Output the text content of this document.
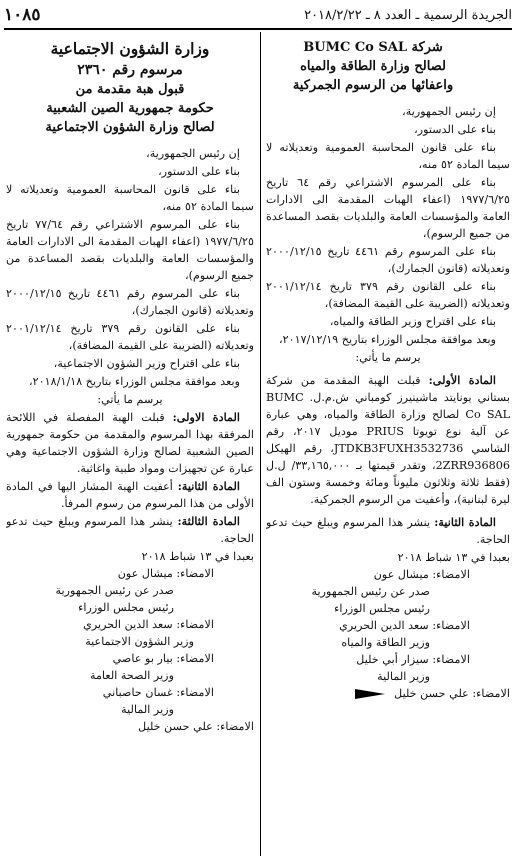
الجريدة الرسمية ـ العدد ٨ ـ ٢٠١٨/٢/٢٢
١٠٨٥

شركة BUMC Co SAL

لصالح وزارة الطاقة والمياه

واعفائها من الرسوم الجمركية

إن رئيس الجمهورية،

بناء على الدستور،

بناء على قانون المحاسبة العمومية وتعديلاته لا سيما المادة ٥٢ منه،

بناء على المرسوم الاشتراعي رقم ٦٤ تاريخ ١٩٧٧/٦/٢٥ (اعفاء الهبات المقدمة الى الادارات العامة والمؤسسات العامة والبلديات بقصد المساعدة من جميع الرسوم)،

بناء على المرسوم رقم ٤٤٦١ تاريخ ٢٠٠٠/١٢/١٥ وتعديلاته (قانون الجمارك)،

بناء على القانون رقم ٣٧٩ تاريخ ٢٠٠١/١٢/١٤ وتعديلاته (الضريبة على القيمة المضافة)،

بناء على اقتراح وزير الطاقة والمياه،

وبعد موافقة مجلس الوزراء بتاريخ ٢٠١٧/١٢/١٩،

يرسم ما يأتي:

المادة الأولى: قبلت الهبة المقدمة من شركة بستاني يونايتد ماشينيرز كومباني ش.م.ل. BUMC Co SAL لصالح وزارة الطاقة والمياه، وهي عبارة عن آلية نوع تويوتا PRIUS موديل ٢٠١٧، رقم الشاسي JTDKB3FUXH3532736، رقم الهيكل 2ZRR936806، وتقدر قيمتها بـ ٣٣,١٦٥,٠٠٠/ ل.ل (فقط ثلاثة وثلاثون مليوناً ومائة وخمسة وستون الف ليرة لبنانية)، وأعفيت من الرسوم الجمركية.

المادة الثانية: ينشر هذا المرسوم ويبلغ حيث تدعو الحاجة.

بعبدا في ١٣ شباط ٢٠١٨

الامضاء: ميشال عون

صدر عن رئيس الجمهورية

رئيس مجلس الوزراء

الامضاء: سعد الدين الحريري

وزير الطاقة والمياه

الامضاء: سيزار أبي خليل

وزير المالية

الامضاء: علي حسن خليل

وزارة الشؤون الاجتماعية

مرسوم رقم ٢٣٦٠

قبول هبة مقدمة من

حكومة جمهورية الصين الشعبية

لصالح وزارة الشؤون الاجتماعية

إن رئيس الجمهورية،

بناء على الدستور،

بناء على قانون المحاسبة العمومية وتعديلاته لا سيما المادة ٥٢ منه،

بناء على المرسوم الاشتراعي رقم ٧٧/٦٤ تاريخ ١٩٧٧/٦/٢٥ (اعفاء الهبات المقدمة الى الادارات العامة والمؤسسات العامة والبلديات بقصد المساعدة من جميع الرسوم)،

بناء على المرسوم رقم ٤٤٦١ تاريخ ٢٠٠٠/١٢/١٥ وتعديلاته (قانون الجمارك)،

بناء على القانون رقم ٣٧٩ تاريخ ٢٠٠١/١٢/١٤ وتعديلاته (الضريبة على القيمة المضافة)،

بناء على اقتراح وزير الشؤون الاجتماعية،

وبعد موافقة مجلس الوزراء بتاريخ ٢٠١٨/١/١٨،

يرسم ما يأتي:

المادة الاولى: قبلت الهبة المفصلة في اللائحة المرفقة بهذا المرسوم والمقدمة من حكومة جمهورية الصين الشعبية لصالح وزارة الشؤون الاجتماعية وهي عبارة عن تجهيزات ومواد طبية واغاثية.

المادة الثانية: أعفيت الهبة المشار اليها في المادة الأولى من هذا المرسوم من رسوم المرفأ.

المادة الثالثة: ينشر هذا المرسوم ويبلغ حيث تدعو الحاجة.

بعبدا في ١٣ شباط ٢٠١٨

الامضاء: ميشال عون

صدر عن رئيس الجمهورية

رئيس مجلس الوزراء

الامضاء: سعد الدين الحريري

وزير الشؤون الاجتماعية

الامضاء: بيار بو عاصي

وزير الصحة العامة

الامضاء: غسان حاصباني

وزير المالية

الامضاء: علي حسن خليل
